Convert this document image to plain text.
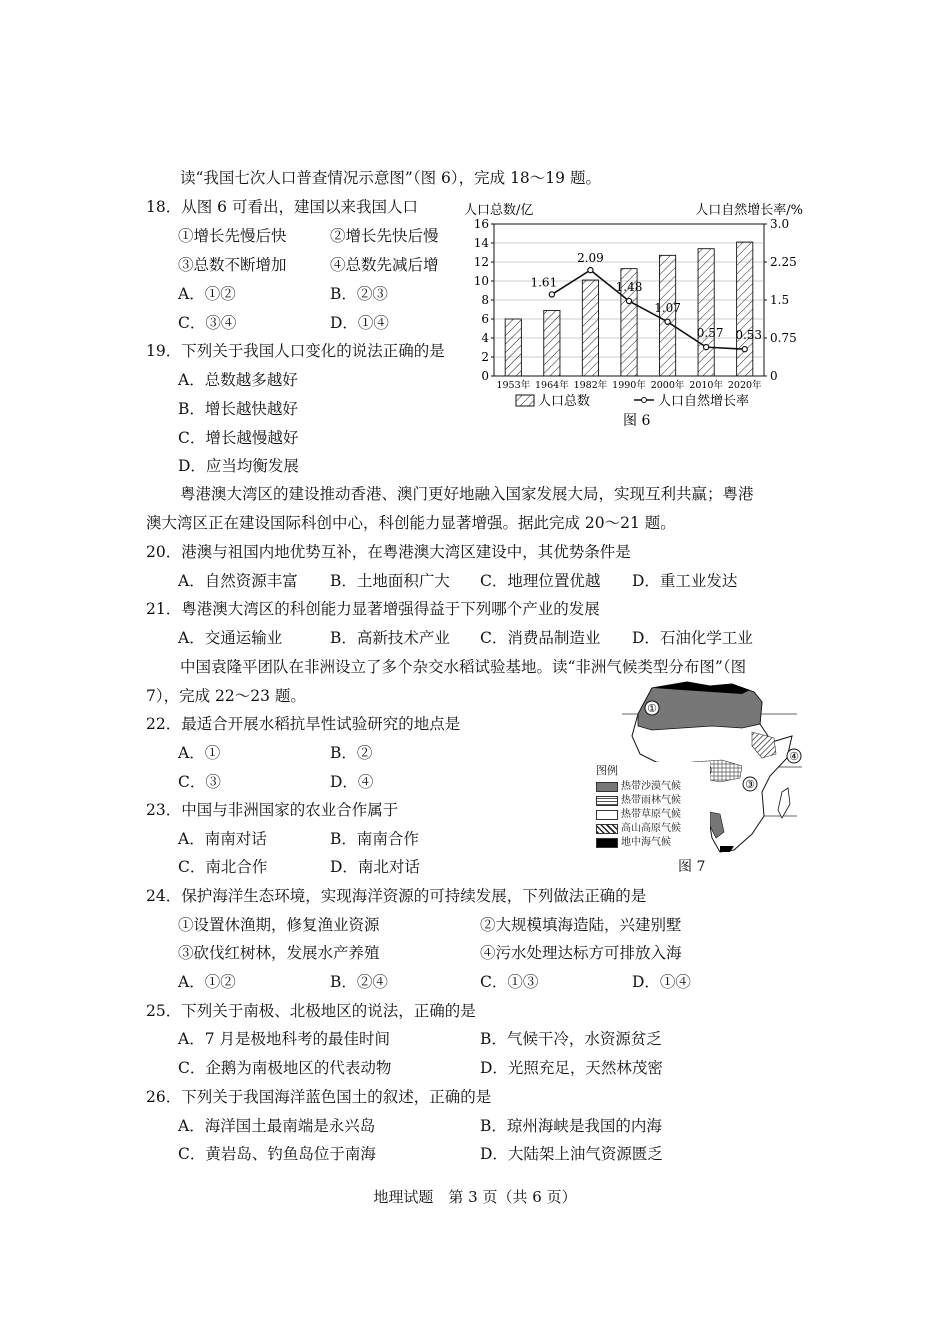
读“我国七次人口普查情况示意图”（图 6），完成 18～19 题。
18．从图 6 可看出，建国以来我国人口
①增长先慢后快	②增长先快后慢
③总数不断增加	④总数先减后增
A．①②	B．②③
C．③④	D．①④
19．下列关于我国人口变化的说法正确的是
A．总数越多越好
B．增长越快越好
C．增长越慢越好
D．应当均衡发展
人口总数/亿	人口自然增长率/%
0
2
4
6
8
10
12
14
16
0
0.75
1.5
2.25
3.0
1953年 1964年 1982年 1990年 2000年 2010年 2020年
1.61
2.09
1.48
1.07
0.57 0.53
人口总数	人口自然增长率
图 6
粤港澳大湾区的建设推动香港、澳门更好地融入国家发展大局，实现互利共赢；粤港
澳大湾区正在建设国际科创中心，科创能力显著增强。据此完成 20～21 题。
20．港澳与祖国内地优势互补，在粤港澳大湾区建设中，其优势条件是
A．自然资源丰富 B．土地面积广大 C．地理位置优越 D．重工业发达
21．粤港澳大湾区的科创能力显著增强得益于下列哪个产业的发展
A．交通运输业	B．高新技术产业 C．消费品制造业 D．石油化学工业
中国袁隆平团队在非洲设立了多个杂交水稻试验基地。读“非洲气候类型分布图”（图
7），完成 22～23 题。
22．最适合开展水稻抗旱性试验研究的地点是
A．①	B．②
C．③	D．④
23．中国与非洲国家的农业合作属于
A．南南对话	B．南南合作
C．南北合作	D．南北对话
①
③
④
图例
热带沙漠气候
热带雨林气候
热带草原气候
高山高原气候
地中海气候
图 7
24．保护海洋生态环境，实现海洋资源的可持续发展，下列做法正确的是
①设置休渔期，修复渔业资源	②大规模填海造陆，兴建别墅
③砍伐红树林，发展水产养殖	④污水处理达标方可排放入海
A．①②	B．②④	C．①③	D．①④
25．下列关于南极、北极地区的说法，正确的是
A．7 月是极地科考的最佳时间	B．气候干冷，水资源贫乏
C．企鹅为南极地区的代表动物	D．光照充足，天然林茂密
26．下列关于我国海洋蓝色国土的叙述，正确的是
A．海洋国土最南端是永兴岛	B．琼州海峡是我国的内海
C．黄岩岛、钓鱼岛位于南海	D．大陆架上油气资源匮乏
地理试题　第 3 页（共 6 页）
